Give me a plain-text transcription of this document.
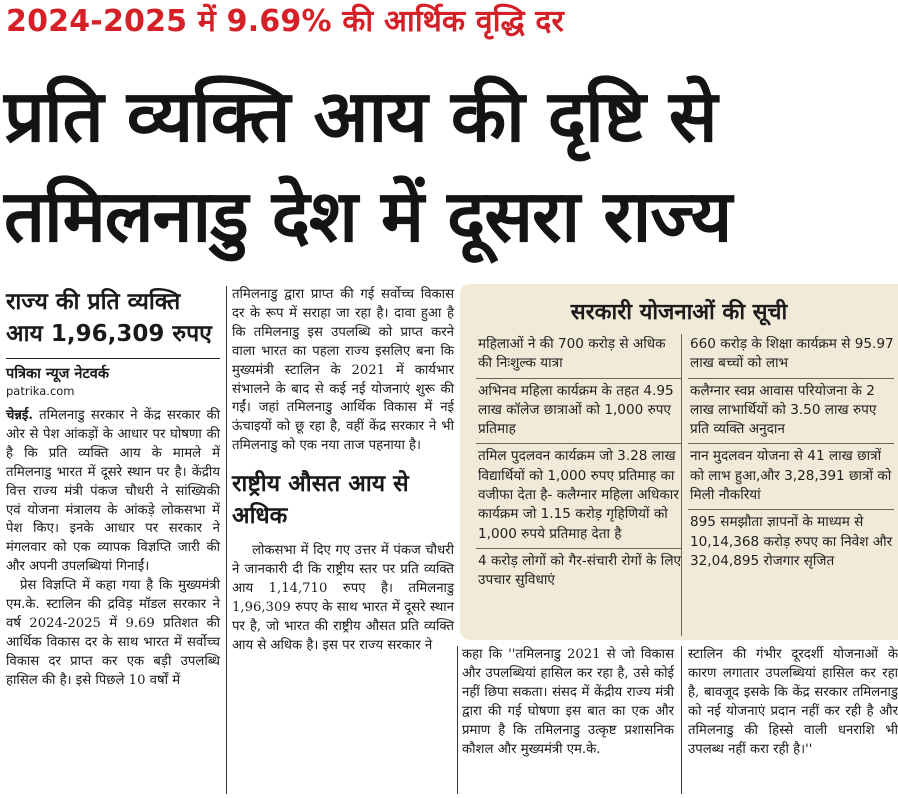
2024-2025 में 9.69% की आर्थिक वृद्धि दर
प्रति व्यक्ति आय की दृष्टि से
तमिलनाडु देश में दूसरा राज्य
राज्य की प्रति व्यक्ति आय 1,96,309 रुपए
पत्रिका न्यूज नेटवर्क
patrika.com

चेन्नई. तमिलनाडु सरकार ने केंद्र सरकार की ओर से पेश आंकड़ों के आधार पर घोषणा की है कि प्रति व्यक्ति आय के मामले में तमिलनाडु भारत में दूसरे स्थान पर है। केंद्रीय वित्त राज्य मंत्री पंकज चौधरी ने सांख्यिकी एवं योजना मंत्रालय के आंकड़े लोकसभा में पेश किए। इनके आधार पर सरकार ने मंगलवार को एक व्यापक विज्ञप्ति जारी की और अपनी उपलब्धियां गिनाईं।

प्रेस विज्ञप्ति में कहा गया है कि मुख्यमंत्री एम.के. स्टालिन की द्रविड़ मॉडल सरकार ने वर्ष 2024-2025 में 9.69 प्रतिशत की आर्थिक विकास दर के साथ भारत में सर्वोच्च विकास दर प्राप्त कर एक बड़ी उपलब्धि हासिल की है। इसे पिछले 10 वर्षों में

तमिलनाडु द्वारा प्राप्त की गई सर्वोच्च विकास दर के रूप में सराहा जा रहा है। दावा हुआ है कि तमिलनाडु इस उपलब्धि को प्राप्त करने वाला भारत का पहला राज्य इसलिए बना कि मुख्यमंत्री स्टालिन के 2021 में कार्यभार संभालने के बाद से कई नई योजनाएं शुरू की गईं। जहां तमिलनाडु आर्थिक विकास में नई ऊंचाइयों को छू रहा है, वहीं केंद्र सरकार ने भी तमिलनाडु को एक नया ताज पहनाया है।

राष्ट्रीय औसत आय से अधिक

लोकसभा में दिए गए उत्तर में पंकज चौधरी ने जानकारी दी कि राष्ट्रीय स्तर पर प्रति व्यक्ति आय 1,14,710 रुपए है। तमिलनाडु 1,96,309 रुपए के साथ भारत में दूसरे स्थान पर है, जो भारत की राष्ट्रीय औसत प्रति व्यक्ति आय से अधिक है। इस पर राज्य सरकार ने

सरकारी योजनाओं की सूची
महिलाओं ने की 700 करोड़ से अधिक की निःशुल्क यात्रा
अभिनव महिला कार्यक्रम के तहत 4.95 लाख कॉलेज छात्राओं को 1,000 रुपए प्रतिमाह
तमिल पुदलवन कार्यक्रम जो 3.28 लाख विद्यार्थियों को 1,000 रुपए प्रतिमाह का वजीफा देता है- कलैग्नार महिला अधिकार कार्यक्रम जो 1.15 करोड़ गृहिणियों को 1,000 रुपये प्रतिमाह देता है
4 करोड़ लोगों को गैर-संचारी रोगों के लिए उपचार सुविधाएं
660 करोड़ के शिक्षा कार्यक्रम से 95.97 लाख बच्चों को लाभ
कलैग्नार स्वप्न आवास परियोजना के 2 लाख लाभार्थियों को 3.50 लाख रुपए प्रति व्यक्ति अनुदान
नान मुदलवन योजना से 41 लाख छात्रों को लाभ हुआ,और 3,28,391 छात्रों को मिली नौकरियां
895 समझौता ज्ञापनों के माध्यम से 10,14,368 करोड़ रुपए का निवेश और 32,04,895 रोजगार सृजित

कहा कि ''तमिलनाडु 2021 से जो विकास और उपलब्धियां हासिल कर रहा है, उसे कोई नहीं छिपा सकता। संसद में केंद्रीय राज्य मंत्री द्वारा की गई घोषणा इस बात का एक और प्रमाण है कि तमिलनाडु उत्कृष्ट प्रशासनिक कौशल और मुख्यमंत्री एम.के.

स्टालिन की गंभीर दूरदर्शी योजनाओं के कारण लगातार उपलब्धियां हासिल कर रहा है, बावजूद इसके कि केंद्र सरकार तमिलनाडु को नई योजनाएं प्रदान नहीं कर रही है और तमिलनाडु की हिस्से वाली धनराशि भी उपलब्ध नहीं करा रही है।''
